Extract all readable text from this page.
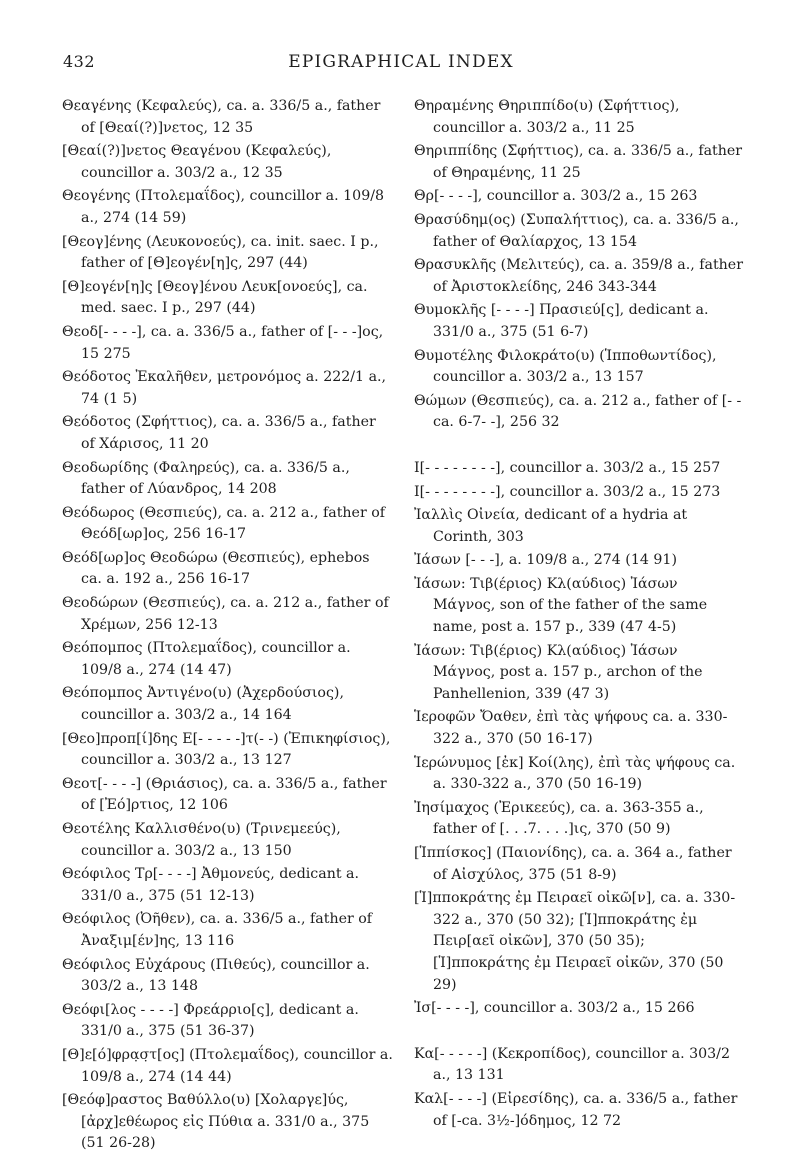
432	EPIGRAPHICAL INDEX

Θεαγένης (Κεφαλεύς), ca. a. 336/5 a., father of [Θεαί(?)]νετος, 12 35

[Θεαί(?)]νετος Θεαγένου (Κεφαλεύς), councillor a. 303/2 a., 12 35

Θεογένης (Πτολεμαΐδος), councillor a. 109/8 a., 274 (14 59)

[Θεογ]ένης (Λευκονοεύς), ca. init. saec. I p., father of [Θ]εογέν[η]ς, 297 (44)

[Θ]εογέν[η]ς [Θεογ]ένου Λευκ[ονοεύς], ca. med. saec. I p., 297 (44)

Θεοδ[- - - -], ca. a. 336/5 a., father of [- - -]ος, 15 275

Θεόδοτος Ἐκαλῆθεν, μετρονόμος a. 222/1 a., 74 (1 5)

Θεόδοτος (Σφήττιος), ca. a. 336/5 a., father of Χάρισος, 11 20

Θεοδωρίδης (Φαληρεύς), ca. a. 336/5 a., father of Λύανδρος, 14 208

Θεόδωρος (Θεσπιεύς), ca. a. 212 a., father of Θεόδ[ωρ]ος, 256 16-17

Θεόδ[ωρ]ος Θεοδώρω (Θεσπιεύς), ephebos ca. a. 192 a., 256 16-17

Θεοδώρων (Θεσπιεύς), ca. a. 212 a., father of Χρέμων, 256 12-13

Θεόπομπος (Πτολεμαΐδος), councillor a. 109/8 a., 274 (14 47)

Θεόπομπος Ἀντιγένο(υ) (Ἀχερδούσιος), councillor a. 303/2 a., 14 164

[Θεο]προπ[ί]δης Ε[- - - - -]τ(- -) (Ἐπικηφίσιος), councillor a. 303/2 a., 13 127

Θεοτ[- - - -] (Θριάσιος), ca. a. 336/5 a., father of [Ἐό]ρτιος, 12 106

Θεοτέλης Καλλισθένο(υ) (Τρινεμεεύς), councillor a. 303/2 a., 13 150

Θεόφιλος Τρ[- - - -] Ἀθμονεύς, dedicant a. 331/0 a., 375 (51 12-13)

Θεόφιλος (Ὀῆθεν), ca. a. 336/5 a., father of Ἀναξιμ[έν]ης, 13 116

Θεόφιλος Εὐχάρους (Πιθεύς), councillor a. 303/2 a., 13 148

Θεόφι[λος - - - -] Φρεάρριο[ς], dedicant a. 331/0 a., 375 (51 36-37)

[Θ]ε[ό]φρα̣σ̣τ[ος] (Πτολεμαΐδος), councillor a. 109/8 a., 274 (14 44)

[Θεόφ]ραστος Βαθύλλο(υ) [Χολαργε]ύς, [ἀρχ]εθέωρος εἰς Πύθια a. 331/0 a., 375 (51 26-28)

Θηραμένης Θηριππίδο(υ) (Σφήττιος), councillor a. 303/2 a., 11 25

Θηριππίδης (Σφήττιος), ca. a. 336/5 a., father of Θηραμένης, 11 25

Θρ[- - - -], councillor a. 303/2 a., 15 263

Θρασύδημ(ος) (Συπαλήττιος), ca. a. 336/5 a., father of Θαλίαρχος, 13 154

Θρασυκλῆς (Μελιτεύς), ca. a. 359/8 a., father of Ἀριστοκλείδης, 246 343-344

Θυμοκλῆς [- - - -] Πρασιεύ[ς], dedicant a. 331/0 a., 375 (51 6-7)

Θυμοτέλης Φιλοκράτο(υ) (Ἱπποθωντίδος), councillor a. 303/2 a., 13 157

Θώμων (Θεσπιεύς), ca. a. 212 a., father of [- -ca. 6-7- -], 256 32

Ι[- - - - - - - -], councillor a. 303/2 a., 15 257

Ι[- - - - - - - -], councillor a. 303/2 a., 15 273

Ἰαλλὶς Οἰνεία, dedicant of a hydria at Corinth, 303

Ἰάσων [- - -], a. 109/8 a., 274 (14 91)

Ἰάσων: Τιβ(έριος) Κλ(αύδιος) Ἰάσων Μάγνος, son of the father of the same name, post a. 157 p., 339 (47 4-5)

Ἰάσων: Τιβ(έριος) Κλ(αύδιος) Ἰάσων Μάγνος, post a. 157 p., archon of the Panhellenion, 339 (47 3)

Ἱεροφῶν Ὄαθεν, ἐπὶ τὰς ψήφους ca. a. 330-322 a., 370 (50 16-17)

Ἱερώνυμος [ἐκ] Κοί(λης), ἐπὶ τὰς ψήφους ca. a. 330-322 a., 370 (50 16-19)

Ἰησίμαχος (Ἐρικεεύς), ca. a. 363-355 a., father of [. . .7. . . .]ις, 370 (50 9)

[Ἱππίσκος] (Παιονίδης), ca. a. 364 a., father of Αἰσχύλος, 375 (51 8-9)

[Ἱ]πποκράτης ἐμ Πειραεῖ οἰκῶ[ν], ca. a. 330-322 a., 370 (50 32); [Ἱ]πποκράτης ἐμ Πειρ[αεῖ οἰκῶν], 370 (50 35); [Ἱ]πποκράτης ἐμ Πειραεῖ οἰκῶν, 370 (50 29)

Ἰσ[- - - -], councillor a. 303/2 a., 15 266

Κα[- - - - -] (Κεκροπίδος), councillor a. 303/2 a., 13 131

Καλ[- - - -] (Εἰρεσίδης), ca. a. 336/5 a., father of [-ca. 3½-]όδημος, 12 72
